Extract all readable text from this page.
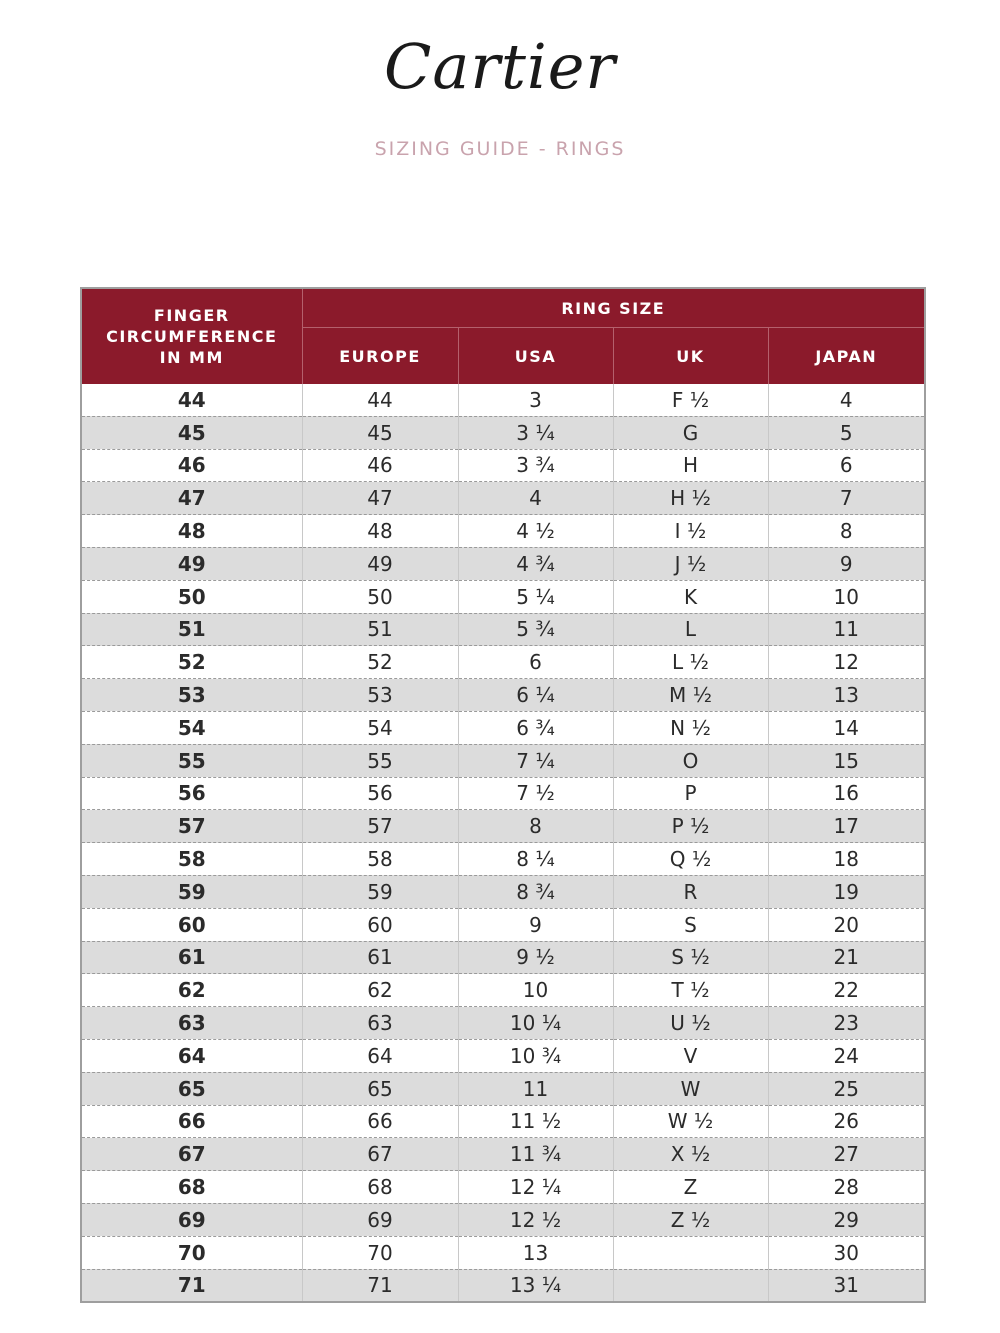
Cartier
SIZING GUIDE - RINGS
FINGER CIRCUMFERENCE IN MM	RING SIZE			
	EUROPE	USA	UK	JAPAN
44	44	3	F ½	4
45	45	3 ¼	G	5
46	46	3 ¾	H	6
47	47	4	H ½	7
48	48	4 ½	I ½	8
49	49	4 ¾	J ½	9
50	50	5 ¼	K	10
51	51	5 ¾	L	11
52	52	6	L ½	12
53	53	6 ¼	M ½	13
54	54	6 ¾	N ½	14
55	55	7 ¼	O	15
56	56	7 ½	P	16
57	57	8	P ½	17
58	58	8 ¼	Q ½	18
59	59	8 ¾	R	19
60	60	9	S	20
61	61	9 ½	S ½	21
62	62	10	T ½	22
63	63	10 ¼	U ½	23
64	64	10 ¾	V	24
65	65	11	W	25
66	66	11 ½	W ½	26
67	67	11 ¾	X ½	27
68	68	12 ¼	Z	28
69	69	12 ½	Z ½	29
70	70	13		30
71	71	13 ¼		31
